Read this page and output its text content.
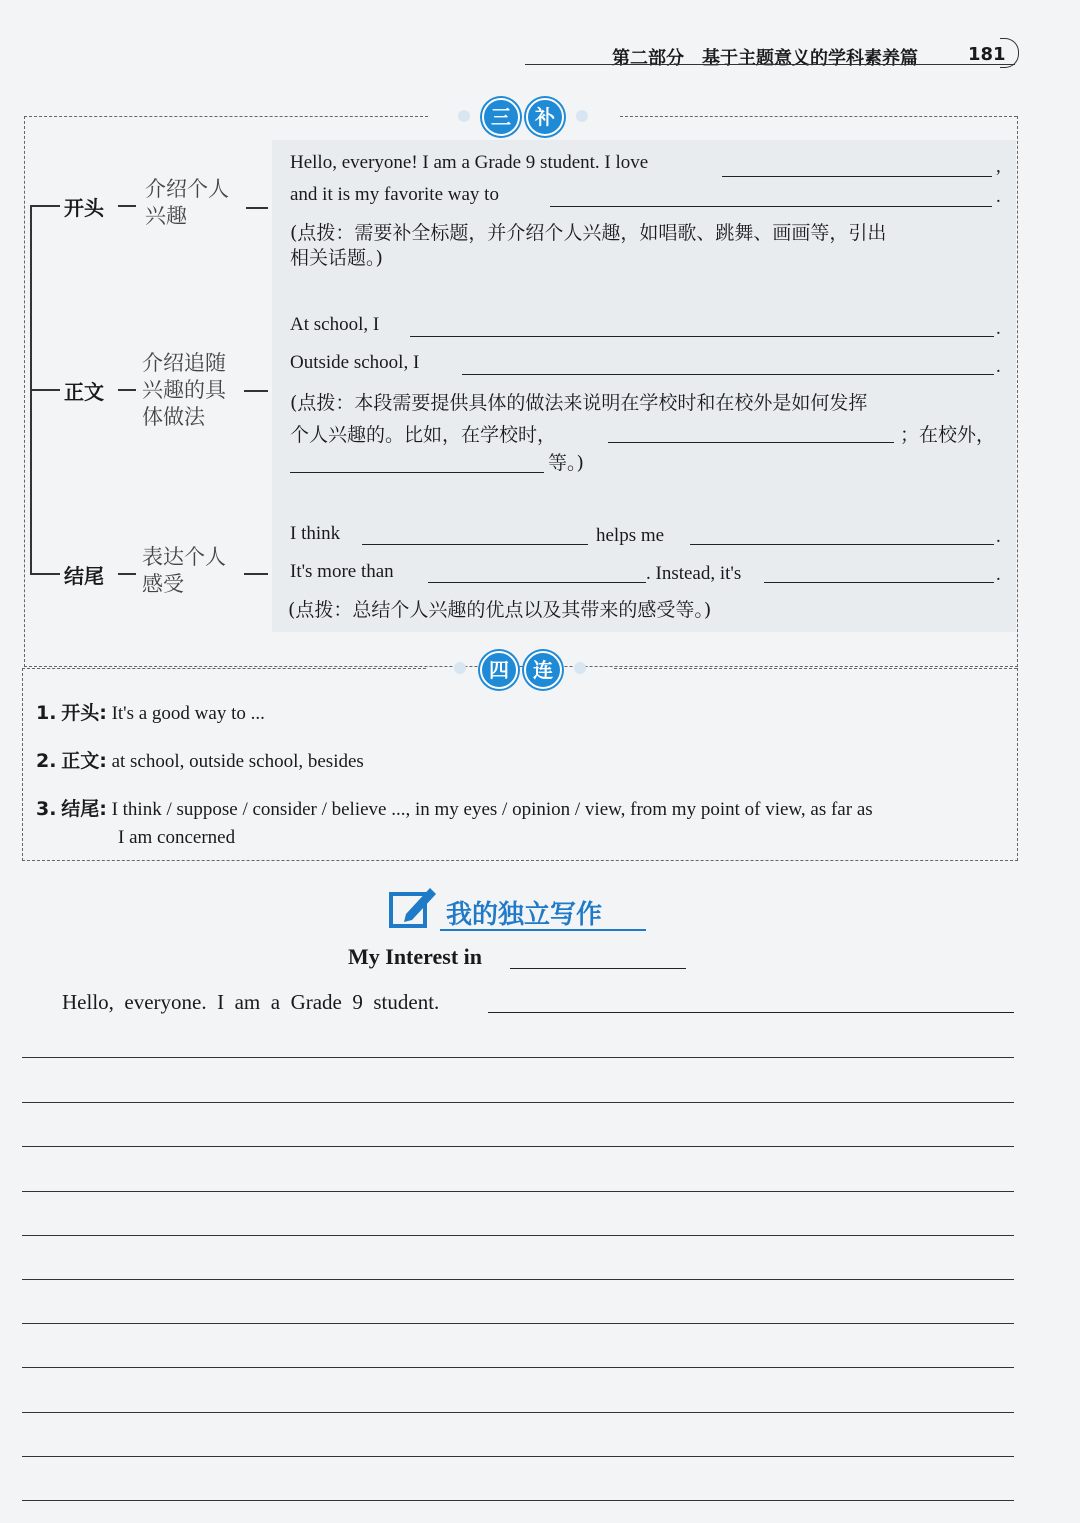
第二部分　基于主题意义的学科素养篇	181
三	补
开头
介绍个人
兴趣
正文
介绍追随
兴趣的具
体做法
结尾
表达个人
感受
Hello, everyone! I am a Grade 9 student. I love	,
and it is my favorite way to	.
(点拨：需要补全标题，并介绍个人兴趣，如唱歌、跳舞、画画等，引出
相关话题。)
At school, I	.
Outside school, I	.
(点拨：本段需要提供具体的做法来说明在学校时和在校外是如何发挥
个人兴趣的。比如，在学校时，	；在校外，
等。)
I think	helps me	.
It's more than	. Instead, it's	.
(点拨：总结个人兴趣的优点以及其带来的感受等。)
四	连
1. 开头: It's a good way to ...
2. 正文: at school, outside school, besides
3. 结尾: I think / suppose / consider / believe ..., in my eyes / opinion / view, from my point of view, as far as
I am concerned
我的独立写作
My Interest in
Hello,  everyone.  I  am  a  Grade  9  student.
